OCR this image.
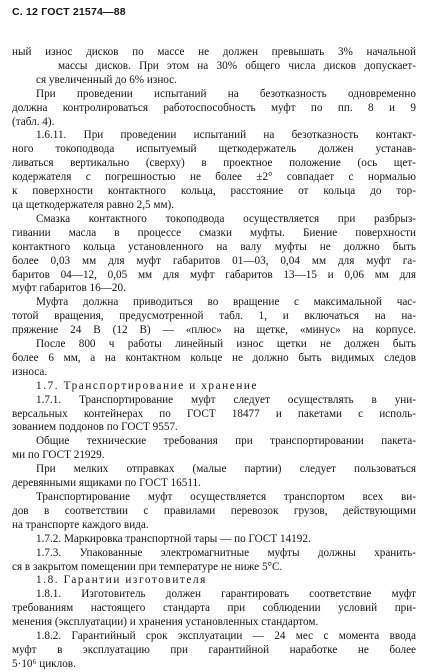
С. 12 ГОСТ 21574—88
ный износ дисков по массе не должен превышать 3% начальной
массы дисков. При этом на 30% общего числа дисков допускает-
ся увеличенный до 6% износ.
При проведении испытаний на безотказность одновременно
должна контролироваться работоспособность муфт по пп. 8 и 9
(табл. 4).
1.6.11. При проведении испытаний на безотказность контакт-
ного токоподвода испытуемый щеткодержатель должен устанав-
ливаться вертикально (сверху) в проектное положение (ось щет-
кодержателя с погрешностью не более ±2° совпадает с нормалью
к поверхности контактного кольца, расстояние от кольца до тор-
ца щеткодержателя равно 2,5 мм).
Смазка контактного токоподвода осуществляется при разбрыз-
гивании масла в процессе смазки муфты. Биение поверхности
контактного кольца установленного на валу муфты не должно быть
более 0,03 мм для муфт габаритов 01—03, 0,04 мм для муфт га-
баритов 04—12, 0,05 мм для муфт габаритов 13—15 и 0,06 мм для
муфт габаритов 16—20.
Муфта должна приводиться во вращение с максимальной час-
тотой вращения, предусмотренной табл. 1, и включаться на на-
пряжение 24 В (12 В) — «плюс» на щетке, «минус» на корпусе.
После 800 ч работы линейный износ щетки не должен быть
более 6 мм, а на контактном кольце не должно быть видимых следов
износа.
1.7. Транспортирование и хранение
1.7.1. Транспортирование муфт следует осуществлять в уни-
версальных контейнерах по ГОСТ 18477 и пакетами с исполь-
зованием поддонов по ГОСТ 9557.
Общие технические требования при транспортировании пакета-
ми по ГОСТ 21929.
При мелких отправках (малые партии) следует пользоваться
деревянными ящиками по ГОСТ 16511.
Транспортирование муфт осуществляется транспортом всех ви-
дов в соответствии с правилами перевозок грузов, действующими
на транспорте каждого вида.
1.7.2. Маркировка транспортной тары — по ГОСТ 14192.
1.7.3. Упакованные электромагнитные муфты должны хранить-
ся в закрытом помещении при температуре не ниже 5°С.
1.8. Гарантии изготовителя
1.8.1. Изготовитель должен гарантировать соответствие муфт
требованиям настоящего стандарта при соблюдении условий при-
менения (эксплуатации) и хранения установленных стандартом.
1.8.2. Гарантийный срок эксплуатации — 24 мес с момента ввода
муфт в эксплуатацию при гарантийной наработке не более
5·10⁶ циклов.
